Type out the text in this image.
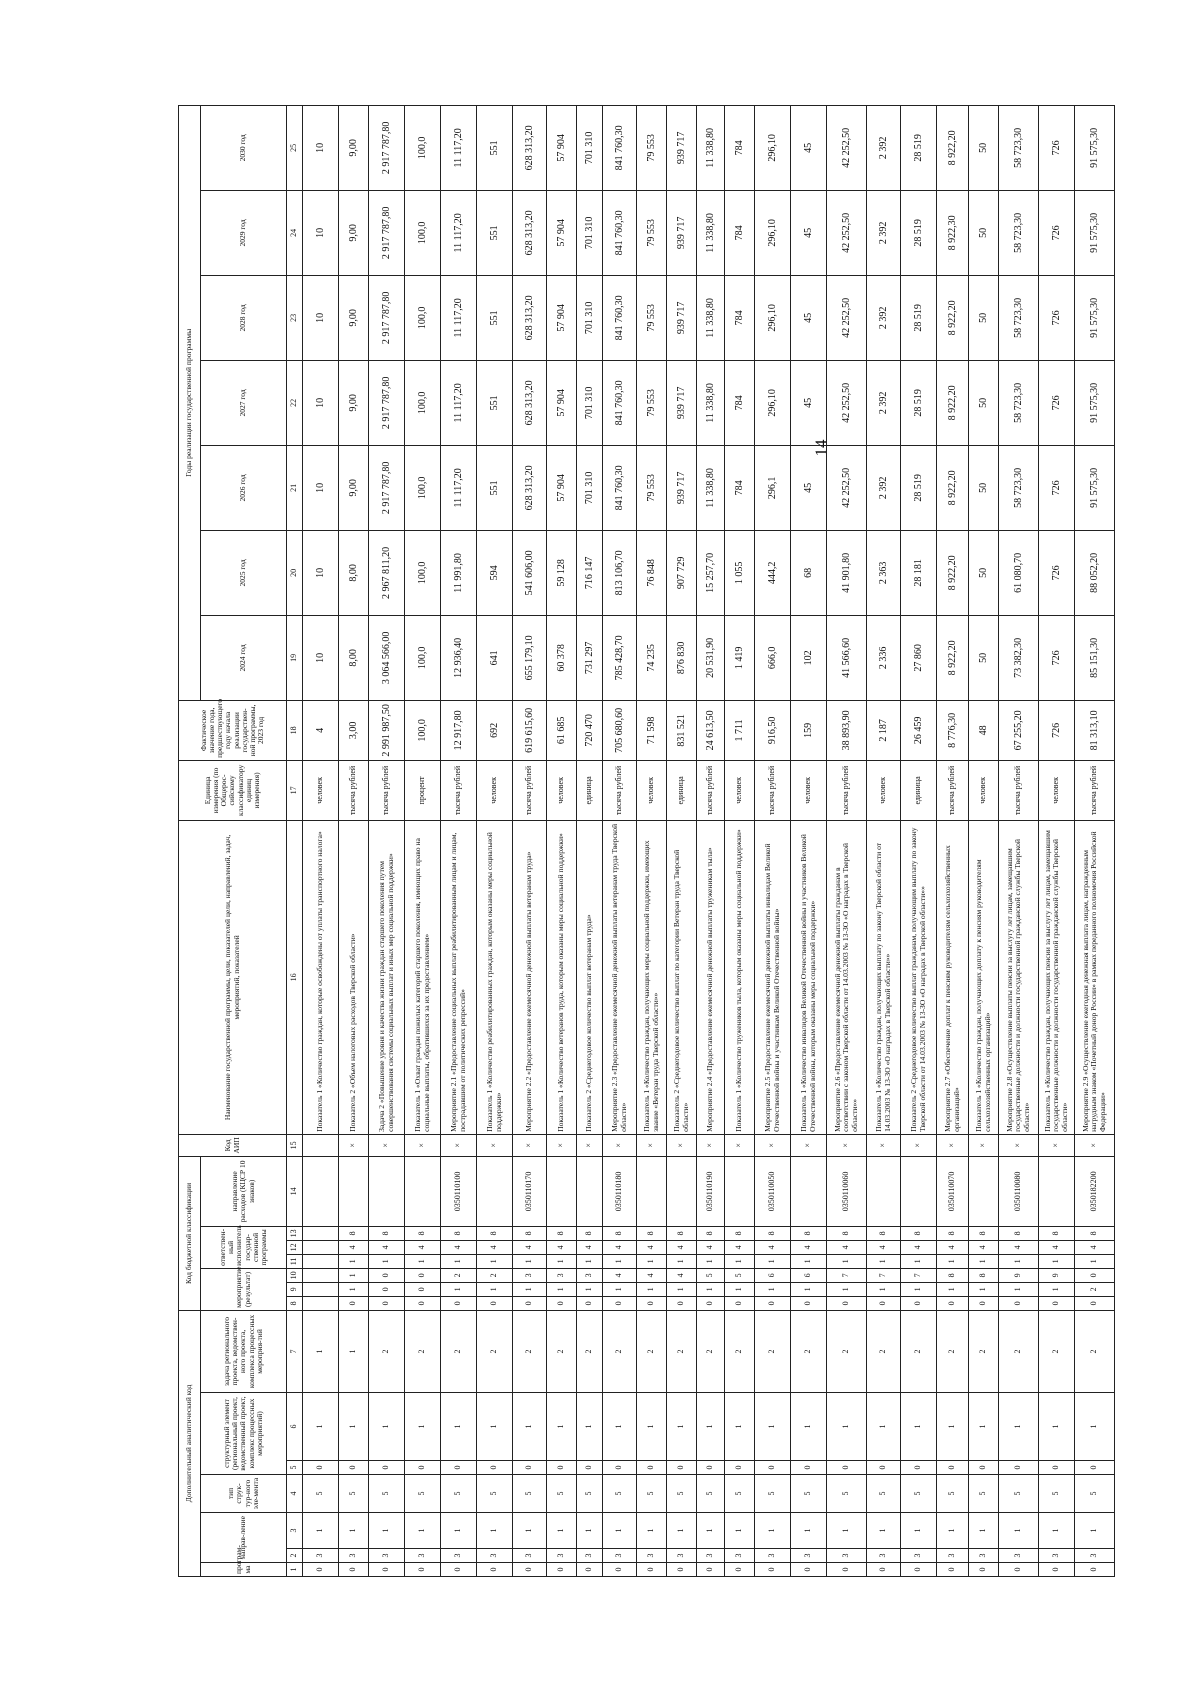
14
Дополнительный аналитический код							Код бюджетной классификации							Код АИП	Наименование государственной программы, цели, показателей цели, направлений, задач, мероприятий, показателей	Единица измерения (по Общерос-сийскому классификатору единиц измерения)	Фактическое значение года, предшествующего году начала реализации государствен-ной программы, 2023 год	Годы реализации государственной программы						
програм-ма	направ-ление		тип струк-тур-ного эле-мента	структурный элемент (региональный проект, ведомственный проект, комплекс процессных мероприятий)		задача регионального проекта, ведомствен-ного проекта, комплекса процессных мероприя-тий	мероприятие (результат)			ответствен-ный исполнитель государ-ственной программы			направление расходов (КЦСР 10 знаков)					2024 год	2025 год	2026 год	2027 год	2028 год	2029 год	2030 год

1	2	3	4	5	6	7	8	9	10	11	12	13	14	15	16	17	18	19	20	21	22	23	24	25
0	3	1	5	0	1	1									Показатель 1 «Количество граждан, которые освобождены от уплаты транспортного налога»	человек	4	10	10	10	10	10	10	10
0	3	1	5	0	1	1	0	1	1	1	4	8		×	Показатель 2 «Объем налоговых расходов Тверской области»	тысяча рублей	3,00	8,00	8,00	9,00	9,00	9,00	9,00	9,00
0	3	1	5	0	1	2	0	0	0	1	4	8		×	Задача 2 «Повышение уровня и качества жизни граждан старшего поколения путем совершенствования системы социальных выплат и иных мер социальной поддержки»	тысяча рублей	2 991 987,50	3 064 566,00	2 967 811,20	2 917 787,80	2 917 787,80	2 917 787,80	2 917 787,80	2 917 787,80
0	3	1	5	0	1	2	0	0	0	1	4	8		×	Показатель 1 «Охват граждан пожилых категорий старшего поколения, имеющих право на социальные выплаты, обратившихся за их предоставлением»	процент	100,0	100,0	100,0	100,0	100,0	100,0	100,0	100,0
0	3	1	5	0	1	2	0	1	2	1	4	8	0350110100	×	Мероприятие 2.1 «Предоставление социальных выплат реабилитированным лицам и лицам, пострадавшим от политических репрессий»	тысяча рублей	12 917,80	12 936,40	11 991,80	11 117,20	11 117,20	11 117,20	11 117,20	11 117,20
0	3	1	5	0	1	2	0	1	2	1	4	8		×	Показатель 1 «Количество реабилитированных граждан, которым оказаны меры социальной поддержки»	человек	692	641	594	551	551	551	551	551
0	3	1	5	0	1	2	0	1	3	1	4	8	0350110170	×	Мероприятие 2.2 «Предоставление ежемесячной денежной выплаты ветеранам труда»	тысяча рублей	619 615,60	655 179,10	541 606,00	628 313,20	628 313,20	628 313,20	628 313,20	628 313,20
0	3	1	5	0	1	2	0	1	3	1	4	8		×	Показатель 1 «Количество ветеранов труда, которым оказаны меры социальной поддержки»	человек	61 685	60 378	59 128	57 904	57 904	57 904	57 904	57 904
0	3	1	5	0	1	2	0	1	3	1	4	8		×	Показатель 2 «Среднегодовое количество выплат ветеранам труда»	единица	720 470	731 297	716 147	701 310	701 310	701 310	701 310	701 310
0	3	1	5	0	1	2	0	1	4	1	4	8	0350110180	×	Мероприятие 2.3 «Предоставление ежемесячной денежной выплаты ветеранам труда Тверской области»	тысяча рублей	705 680,60	785 428,70	813 106,70	841 760,30	841 760,30	841 760,30	841 760,30	841 760,30
0	3	1	5	0	1	2	0	1	4	1	4	8		×	Показатель 1 «Количество граждан, получающих меры социальной поддержки, имеющих звание «Ветеран труда Тверской области»»	человек	71 598	74 235	76 848	79 553	79 553	79 553	79 553	79 553
0	3	1	5	0	1	2	0	1	4	1	4	8		×	Показатель 2 «Среднегодовое количество выплат по категории Ветеран труда Тверской области»	единица	831 521	876 830	907 729	939 717	939 717	939 717	939 717	939 717
0	3	1	5	0	1	2	0	1	5	1	4	8	0350110190	×	Мероприятие 2.4 «Предоставление ежемесячной денежной выплаты труженикам тыла»	тысяча рублей	24 613,50	20 531,90	15 257,70	11 338,80	11 338,80	11 338,80	11 338,80	11 338,80
0	3	1	5	0	1	2	0	1	5	1	4	8		×	Показатель 1 «Количество тружеников тыла, которым оказаны меры социальной поддержки»	человек	1 711	1 419	1 055	784	784	784	784	784
0	3	1	5	0	1	2	0	1	6	1	4	8	0350110050	×	Мероприятие 2.5 «Предоставление ежемесячной денежной выплаты инвалидам Великой Отечественной войны и участникам Великой Отечественной войны»	тысяча рублей	916,50	666,0	444,2	296,1	296,10	296,10	296,10	296,10
0	3	1	5	0	1	2	0	1	6	1	4	8		×	Показатель 1 «Количество инвалидов Великой Отечественной войны и участников Великой Отечественной войны, которым оказаны меры социальной поддержки»	человек	159	102	68	45	45	45	45	45
0	3	1	5	0	1	2	0	1	7	1	4	8	0350110060	×	Мероприятие 2.6 «Предоставление ежемесячной денежной выплаты гражданам в соответствии с законом Тверской области от 14.03.2003 № 13-ЗО «О наградах в Тверской области»»	тысяча рублей	38 893,90	41 566,60	41 901,80	42 252,50	42 252,50	42 252,50	42 252,50	42 252,50
0	3	1	5	0	1	2	0	1	7	1	4	8		×	Показатель 1 «Количество граждан, получающих выплату по закону Тверской области от 14.03.2003 № 13-ЗО «О наградах в Тверской области»»	человек	2 187	2 336	2 363	2 392	2 392	2 392	2 392	2 392
0	3	1	5	0	1	2	0	1	7	1	4	8		×	Показатель 2 «Среднегодовое количество выплат гражданам, получающим выплату по закону Тверской области от 14.03.2003 № 13-ЗО «О наградах в Тверской области»»	единица	26 459	27 860	28 181	28 519	28 519	28 519	28 519	28 519
0	3	1	5	0	1	2	0	1	8	1	4	8	0350110070	×	Мероприятие 2.7 «Обеспечение доплат к пенсиям руководителям сельхозхозяйственных организаций»	тысяча рублей	8 776,30	8 922,20	8 922,20	8 922,20	8 922,20	8 922,20	8 922,30	8 922,20
0	3	1	5	0	1	2	0	1	8	1	4	8		×	Показатель 1 «Количество граждан, получающих доплату к пенсиям руководителям сельхозхозяйственных организаций»	человек	48	50	50	50	50	50	50	50
0	3	1	5	0	1	2	0	1	9	1	4	8	0350110080	×	Мероприятие 2.8 «Осуществление выплаты пенсии за выслугу лет лицам, замещавшим государственные должности и должности государственной гражданской службы Тверской области»	тысяча рублей	67 255,20	73 382,30	61 080,70	58 723,30	58 723,30	58 723,30	58 723,30	58 723,30
0	3	1	5	0	1	2	0	1	9	1	4	8		×	Показатель 1 «Количество граждан, получающих пенсии за выслугу лет лицам, замещавшим государственные должности и должности государственной гражданской службы Тверской области»	человек	726	726	726	726	726	726	726	726
0	3	1	5	0	1	2	0	2	0	1	4	8	0350182200	×	Мероприятие 2.9 «Осуществление ежегодная денежная выплата лицам, награжденным нагрудным знаком «Почетный донор России» в рамках переданного полномочия Российской Федерации»	тысяча рублей	81 313,10	85 151,30	88 052,20	91 575,30	91 575,30	91 575,30	91 575,30	91 575,30
